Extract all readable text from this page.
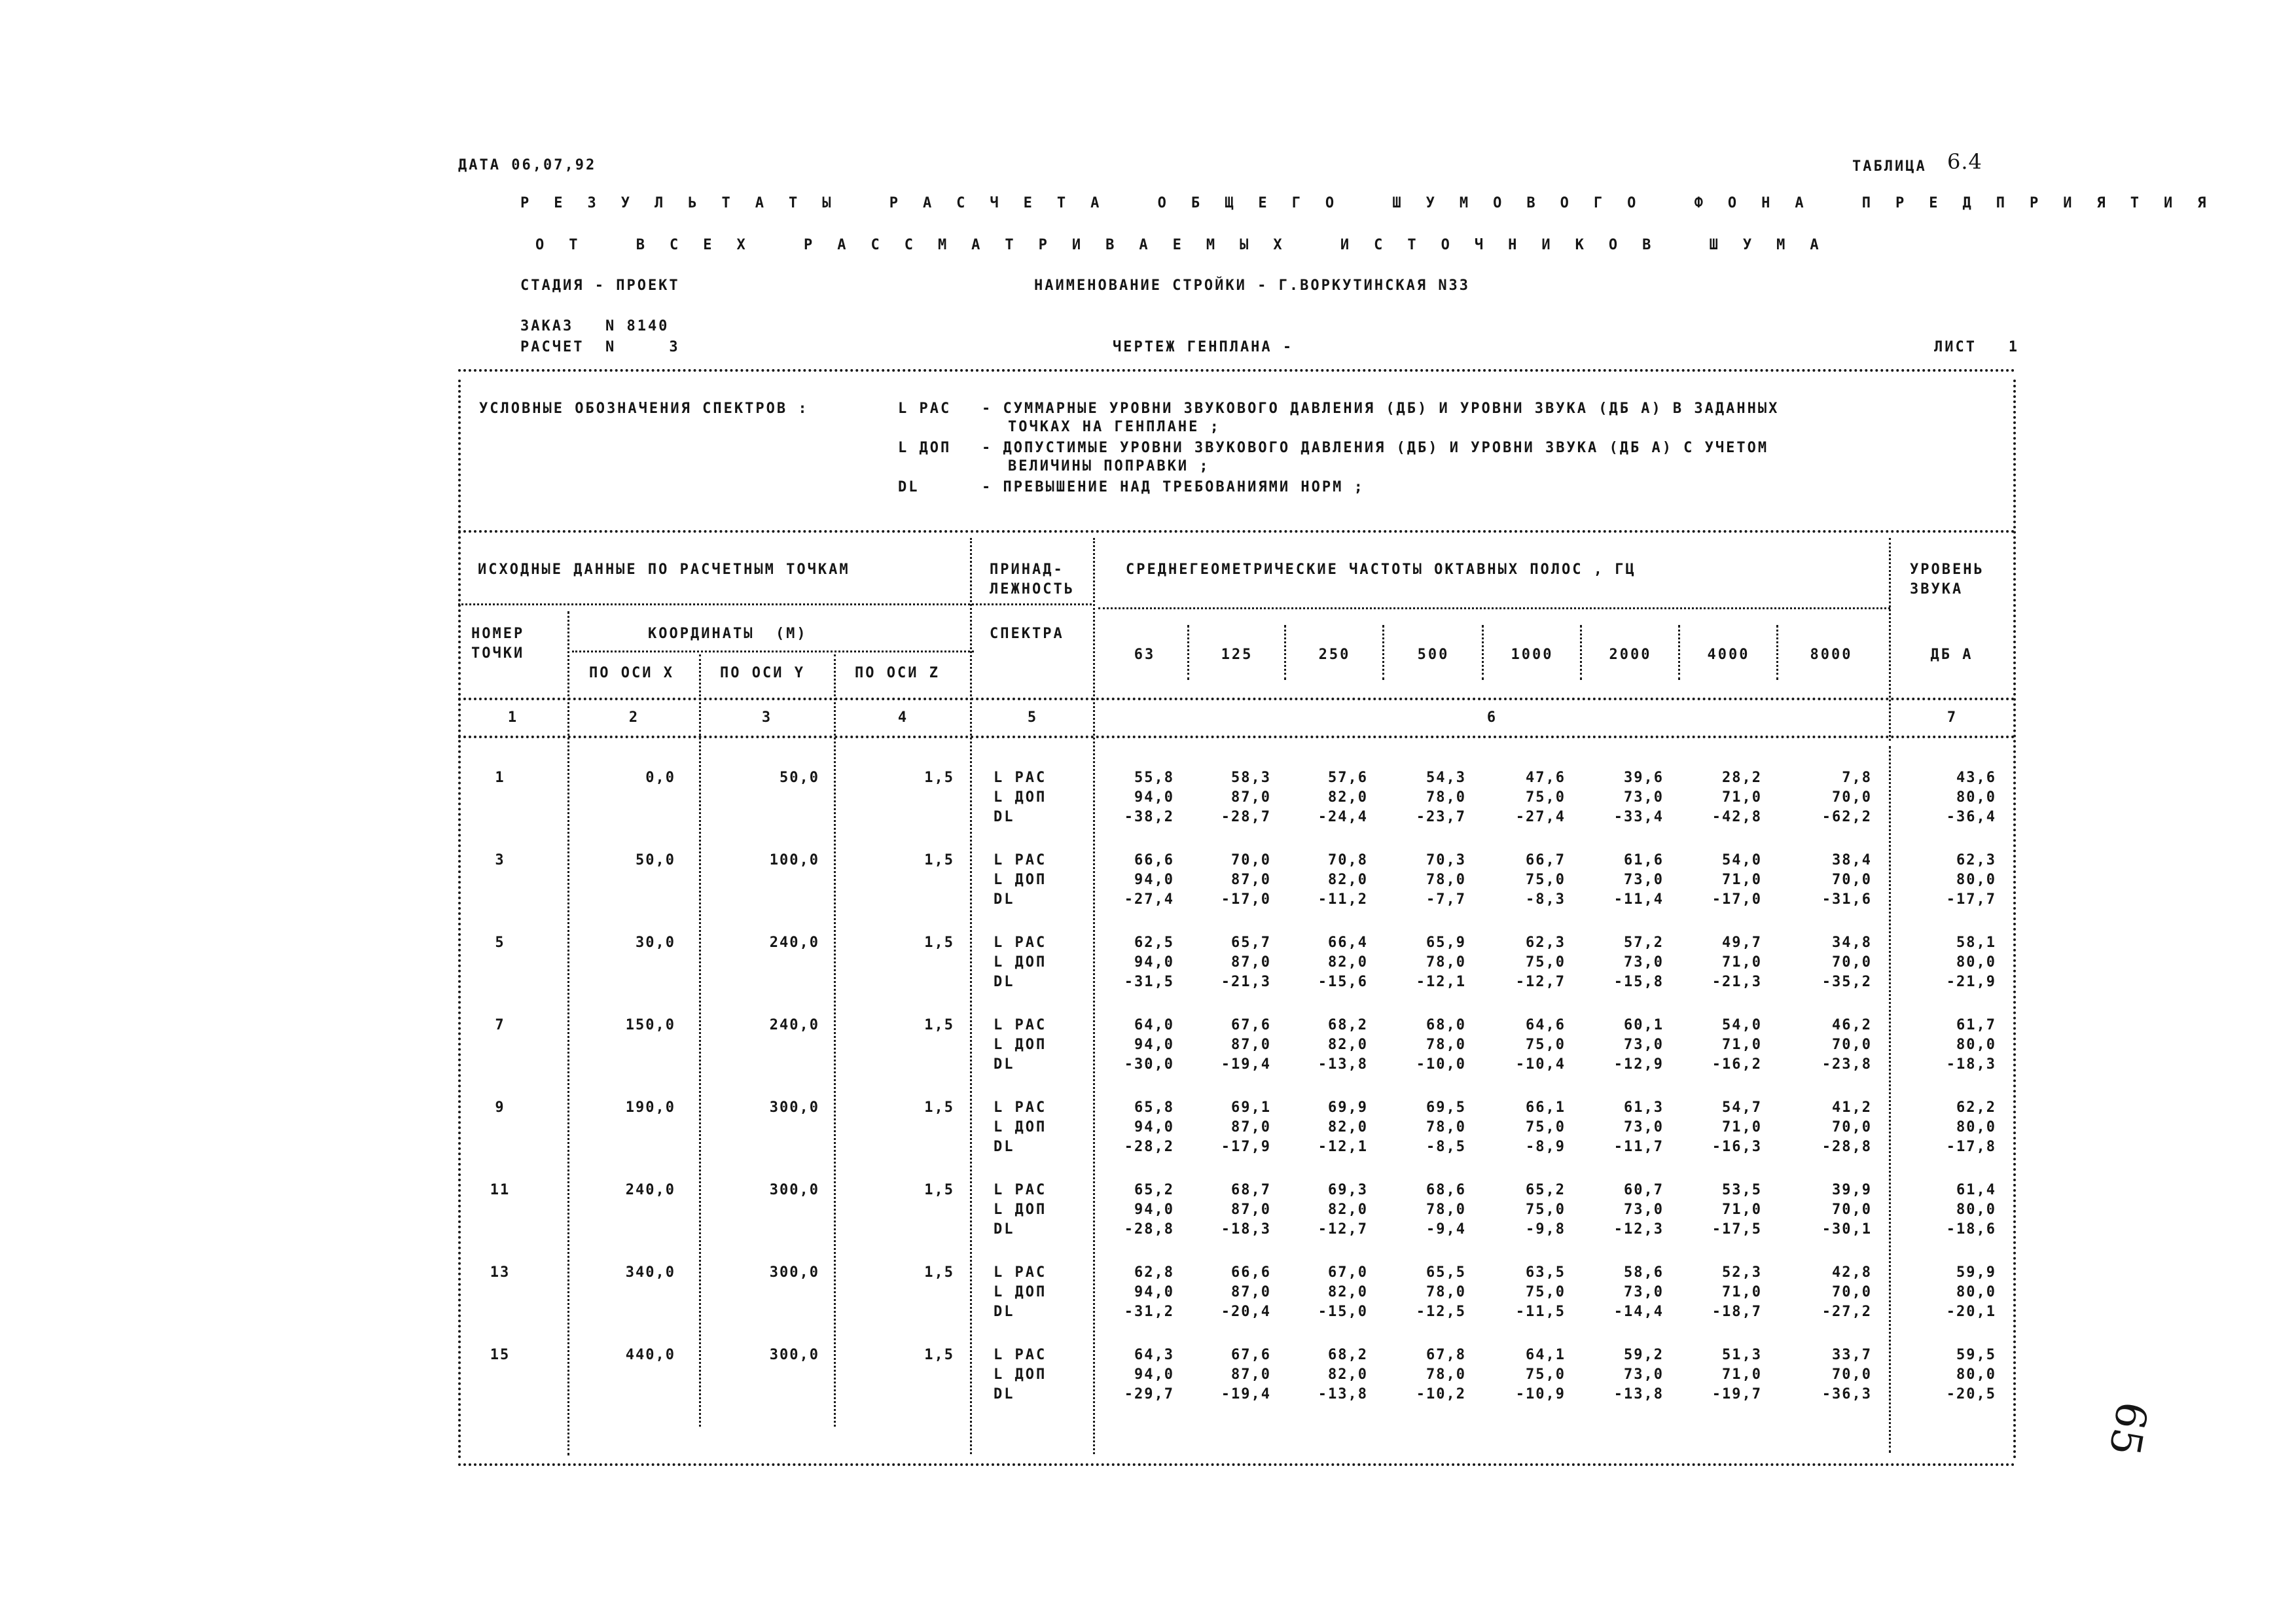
ДАТА 06,07,92	ТАБЛИЦА 6.4
РЕЗУЛЬТАТЫ РАСЧЕТА ОБЩЕГО ШУМОВОГО ФОНА ПРЕДПРИЯТИЯ
ОТ ВСЕХ РАССМАТРИВАЕМЫХ ИСТОЧНИКОВ ШУМА
СТАДИЯ - ПРОЕКТ	НАИМЕНОВАНИЕ СТРОЙКИ - Г.ВОРКУТИНСКАЯ N33
ЗАКАЗ   N 8140
РАСЧЕТ  N     3	ЧЕРТЕЖ ГЕНПЛАНА -	ЛИСТ   1
УСЛОВНЫЕ ОБОЗНАЧЕНИЯ СПЕКТРОВ :	L РАС - СУММАРНЫЕ УРОВНИ ЗВУКОВОГО ДАВЛЕНИЯ (ДБ) И УРОВНИ ЗВУКА (ДБ А) В ЗАДАННЫХ
ТОЧКАХ НА ГЕНПЛАНЕ ;
L ДОП - ДОПУСТИМЫЕ УРОВНИ ЗВУКОВОГО ДАВЛЕНИЯ (ДБ) И УРОВНИ ЗВУКА (ДБ А) С УЧЕТОМ
ВЕЛИЧИНЫ ПОПРАВКИ ;
DL	- ПРЕВЫШЕНИЕ НАД ТРЕБОВАНИЯМИ НОРМ ;
ИСХОДНЫЕ ДАННЫЕ ПО РАСЧЕТНЫМ ТОЧКАМ	ПРИНАД-
ЛЕЖНОСТЬ
СПЕКТРА
СРЕДНЕГЕОМЕТРИЧЕСКИЕ ЧАСТОТЫ ОКТАВНЫХ ПОЛОС , ГЦ	УРОВЕНЬ
ЗВУКА
НОМЕР
ТОЧКИ
КООРДИНАТЫ  (М)
ПО ОСИ X	ПО ОСИ Y	ПО ОСИ Z
63	125	250	500	1000	2000	4000	8000	ДБ А
1	2	3	4	5	6	7
1	0,0	50,0	1,5	L РАС	55,8	58,3	57,6	54,3	47,6	39,6	28,2	7,8	43,6
L ДОП	94,0	87,0	82,0	78,0	75,0	73,0	71,0	70,0	80,0
DL	-38,2	-28,7	-24,4	-23,7	-27,4	-33,4	-42,8	-62,2	-36,4
3	50,0	100,0	1,5	L РАС	66,6	70,0	70,8	70,3	66,7	61,6	54,0	38,4	62,3
L ДОП	94,0	87,0	82,0	78,0	75,0	73,0	71,0	70,0	80,0
DL	-27,4	-17,0	-11,2	-7,7	-8,3	-11,4	-17,0	-31,6	-17,7
5	30,0	240,0	1,5	L РАС	62,5	65,7	66,4	65,9	62,3	57,2	49,7	34,8	58,1
L ДОП	94,0	87,0	82,0	78,0	75,0	73,0	71,0	70,0	80,0
DL	-31,5	-21,3	-15,6	-12,1	-12,7	-15,8	-21,3	-35,2	-21,9
7	150,0	240,0	1,5	L РАС	64,0	67,6	68,2	68,0	64,6	60,1	54,0	46,2	61,7
L ДОП	94,0	87,0	82,0	78,0	75,0	73,0	71,0	70,0	80,0
DL	-30,0	-19,4	-13,8	-10,0	-10,4	-12,9	-16,2	-23,8	-18,3
9	190,0	300,0	1,5	L РАС	65,8	69,1	69,9	69,5	66,1	61,3	54,7	41,2	62,2
L ДОП	94,0	87,0	82,0	78,0	75,0	73,0	71,0	70,0	80,0
DL	-28,2	-17,9	-12,1	-8,5	-8,9	-11,7	-16,3	-28,8	-17,8
11	240,0	300,0	1,5	L РАС	65,2	68,7	69,3	68,6	65,2	60,7	53,5	39,9	61,4
L ДОП	94,0	87,0	82,0	78,0	75,0	73,0	71,0	70,0	80,0
DL	-28,8	-18,3	-12,7	-9,4	-9,8	-12,3	-17,5	-30,1	-18,6
13	340,0	300,0	1,5	L РАС	62,8	66,6	67,0	65,5	63,5	58,6	52,3	42,8	59,9
L ДОП	94,0	87,0	82,0	78,0	75,0	73,0	71,0	70,0	80,0
DL	-31,2	-20,4	-15,0	-12,5	-11,5	-14,4	-18,7	-27,2	-20,1
15	440,0	300,0	1,5	L РАС	64,3	67,6	68,2	67,8	64,1	59,2	51,3	33,7	59,5
L ДОП	94,0	87,0	82,0	78,0	75,0	73,0	71,0	70,0	80,0
DL	-29,7	-19,4	-13,8	-10,2	-10,9	-13,8	-19,7	-36,3	-20,5
65
